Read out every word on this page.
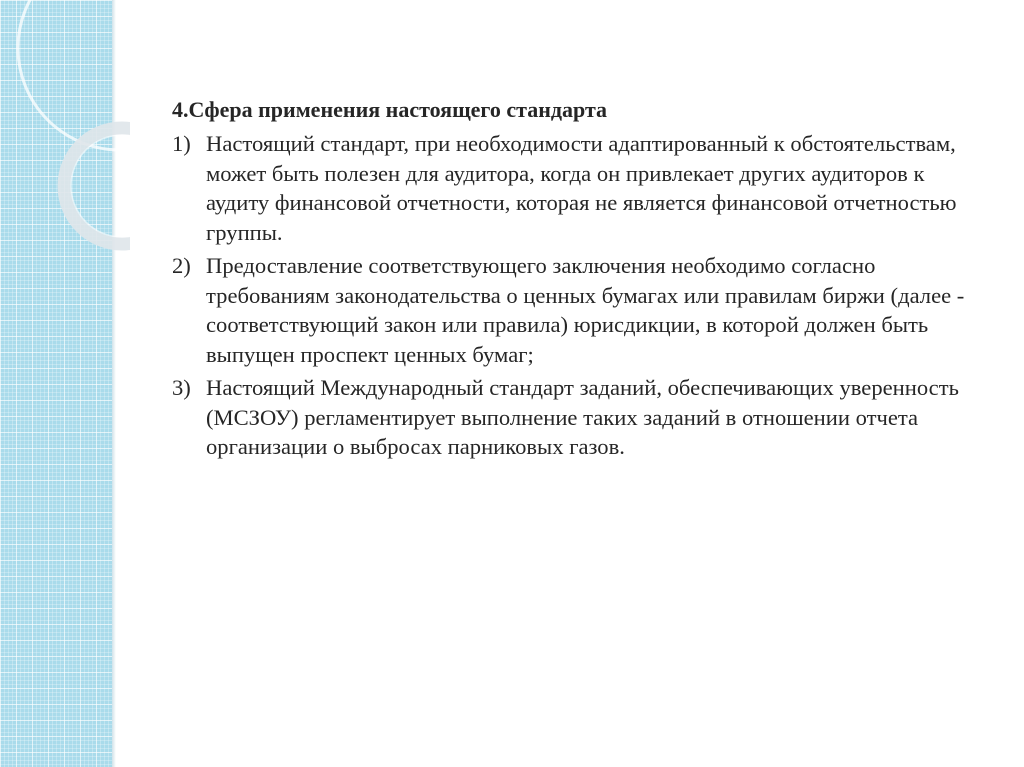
4.Сфера применения настоящего стандарта
1) Настоящий стандарт, при необходимости адаптированный к обстоятельствам, может быть полезен для аудитора, когда он привлекает других аудиторов к аудиту финансовой отчетности, которая не является финансовой отчетностью группы.
2) Предоставление соответствующего заключения необходимо согласно требованиям законодательства о ценных бумагах или правилам биржи (далее - соответствующий закон или правила) юрисдикции, в которой должен быть выпущен проспект ценных бумаг;
3) Настоящий Международный стандарт заданий, обеспечивающих уверенность (МСЗОУ) регламентирует выполнение таких заданий в отношении отчета организации о выбросах парниковых газов.
